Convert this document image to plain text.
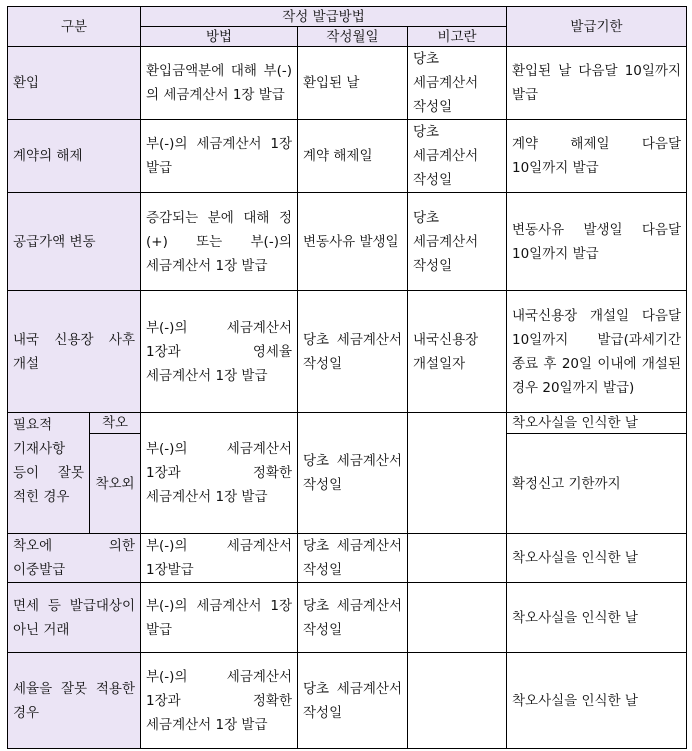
구분		작성 발급방법			발급기한
		방법	작성월일	비고란	
환입		환입금액분에 대해 부(-)의 세금계산서 1장 발급	환입된 날	당초 세금계산서 작성일	환입된 날 다음달 10일까지 발급
계약의 해제		부(-)의 세금계산서 1장 발급	계약 해제일	당초 세금계산서 작성일	계약 해제일 다음달 10일까지 발급
공급가액 변동		증감되는 분에 대해 정(+) 또는 부(-)의 세금계산서 1장 발급	변동사유 발생일	당초 세금계산서 작성일	변동사유 발생일 다음달 10일까지 발급
내국 신용장 사후 개설		부(-)의 세금계산서 1장과 영세율 세금계산서 1장 발급	당초 세금계산서 작성일	내국신용장 개설일자	내국신용장 개설일 다음달 10일까지 발급(과세기간 종료 후 20일 이내에 개설된 경우 20일까지 발급)
필요적 기재사항 등이 잘못 적힌 경우	착오	부(-)의 세금계산서 1장과 정확한 세금계산서 1장 발급	당초 세금계산서 작성일		착오사실을 인식한 날
	착오외				확정신고 기한까지
착오에 의한 이중발급		부(-)의 세금계산서 1장발급	당초 세금계산서 작성일		착오사실을 인식한 날
면세 등 발급대상이 아닌 거래		부(-)의 세금계산서 1장 발급	당초 세금계산서 작성일		착오사실을 인식한 날
세율을 잘못 적용한 경우		부(-)의 세금계산서 1장과 정확한 세금계산서 1장 발급	당초 세금계산서 작성일		착오사실을 인식한 날
